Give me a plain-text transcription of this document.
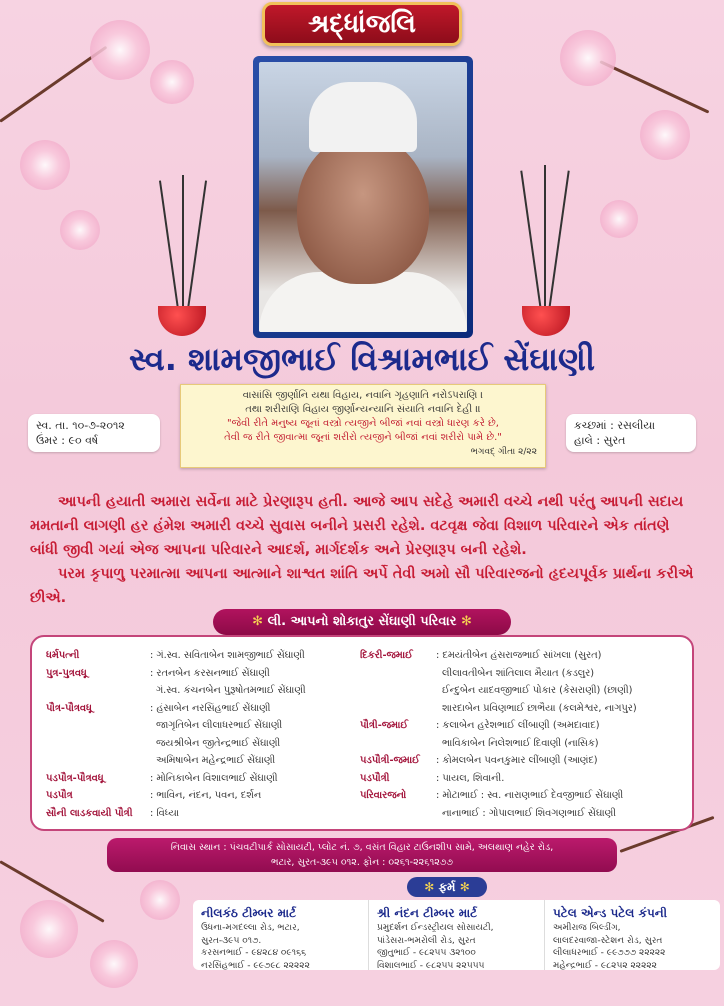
શ્રદ્ધાંજલિ
સ્વ. શામજીભાઈ વિશ્રામભાઈ સેંઘાણી
સ્વ. તા. ૧૦-૭-૨૦૧૨
ઉંમર : ૯૦ વર્ષ
કચ્છમાં : રસલીયા
હાલે : સુરત
વાસાંસિ જીર્ણાનિ યથા વિહાય, નવાનિ ગૃહણાતિ નરોઽપરાણિ ।
તથા શરીરાણિ વિહાય જીર્ણાન્યન્યાનિ સંયાતિ નવાનિ દેહી ॥
"જેવી રીતે મનુષ્ય જૂનાં વસ્ત્રો ત્યજીને બીજાં નવાં વસ્ત્રો ધારણ કરે છે,
તેવી જ રીતે જીવાત્મા જૂનાં શરીરો ત્યજીને બીજાં નવાં શરીરો પામે છે."
ભગવદ્ ગીતા ૨/૨૨

આપની હયાતી અમારા સર્વેના માટે પ્રેરણારૂપ હતી. આજે આપ સદેહે અમારી વચ્ચે નથી પરંતુ આપની સદાય મમતાની લાગણી હર હંમેશ અમારી વચ્ચે સુવાસ બનીને પ્રસરી રહેશે. વટવૃક્ષ જેવા વિશાળ પરિવારને એક તાંતણે બાંધી જીવી ગયાં એજ આપના પરિવારને આદર્શ, માર્ગદર્શક અને પ્રેરણારૂપ બની રહેશે.

પરમ કૃપાળુ પરમાત્મા આપના આત્માને શાશ્વત શાંતિ અર્પે તેવી અમો સૌ પરિવારજનો હૃદયપૂર્વક પ્રાર્થના કરીએ છીએ.

✻ લી. આપનો શોકાતુર સેંઘાણી પરિવાર ✻
ધર્મપત્ની	: ગં.સ્વ. સવિતાબેન શામજીભાઈ સેંઘાણી
પુત્ર-પુત્રવધૂ	: રતનબેન કરસનભાઈ સેંઘાણી
ગં.સ્વ. કંચનબેન પુરૂષોતમભાઈ સેંઘાણી
પૌત્ર-પૌત્રવધૂ	: હંસાબેન નરસિંહભાઈ સેંઘાણી
જાગૃતિબેન લીલાધરભાઈ સેંઘાણી
જયશ્રીબેન જીતેન્દ્રભાઈ સેંઘાણી
અમિષાબેન મહેન્દ્રભાઈ સેંઘાણી
પડપૌત્ર-પૌત્રવધૂ	: મોનિકાબેન વિશાલભાઈ સેંઘાણી
પડપૌત્ર	: ભાવિન, નંદન, પવન, દર્શન
સૌની લાડકવાયી પૌત્રી	: વિધ્યા
દિકરી-જમાઈ	: દમયંતીબેન હંસરાજભાઈ સાંખલા (સુરત)
લીલાવતીબેન શાંતિલાલ મૈયાત (કડલુર)
ઈન્દુબેન યાદવજીભાઈ પોકાર (કેસરાણી) (છાણી)
શારદાબેન પ્રવિણભાઈ છાભૈયા (કલમેશ્વર, નાગપુર)
પૌત્રી-જમાઈ	: કલાબેન હરેશભાઈ લીંબાણી (અમદાવાદ)
ભાવિકાબેન નિલેશભાઈ દિવાણી (નાસિક)
પડપૌત્રી-જમાઈ	: કોમલબેન પવનકુમાર લીંબાણી (આણંદ)
પડપૌત્રી	: પાયલ, શિવાની.
પરિવારજનો	: મોટાભાઈ : સ્વ. નારાણભાઈ દેવજીભાઈ સેંઘાણી
નાનાભાઈ : ગોપાલભાઈ શિવગણભાઈ સેંઘાણી
નિવાસ સ્થાન : પંચવટીપાર્ક સોસાયટી, પ્લોટ નં. ૭, વસંત વિહાર ટાઉનશીપ સામે, અલથાણ નહેર રોડ,
ભટાર, સુરત-૩૯૫ ૦૧૨. ફોન : ૦૨૬૧-૨૨૬૧૨૭૭
✻ ફર્મ ✻
નીલકંઠ ટીમ્બર માર્ટ
ઉધના-મગદલ્લા રોડ, ભટાર,
સુરત-૩૯૫ ૦૧૭.
કરસનભાઈ - ૯૪૨૮૪ ૦૯૧૬૬
નરસિંહભાઈ - ૯૯૭૯૮ ૨૨૨૨૨
શ્રી નંદન ટીમ્બર માર્ટ
પ્રમુદર્શન ઈન્ડસ્ટ્રીયલ સોસાયટી,
પાંડેસરા-ભમરોલી રોડ, સુરત
જીતુભાઈ - ૯૮૨૫૫ ૩૨૧૦૦
વિશાલભાઈ - ૯૮૨૫૫ ૨૨૫૫૫
પટેલ એન્ડ પટેલ કંપની
અમીરાજ બિલ્ડીંગ,
લાલદરવાજા-સ્ટેશન રોડ, સુરત
લીલાધરભાઈ - ૯૯૭૭૭ ૨૨૨૨૨
મહેન્દ્રભાઈ - ૯૮૨૫૨ ૨૨૨૨૨
